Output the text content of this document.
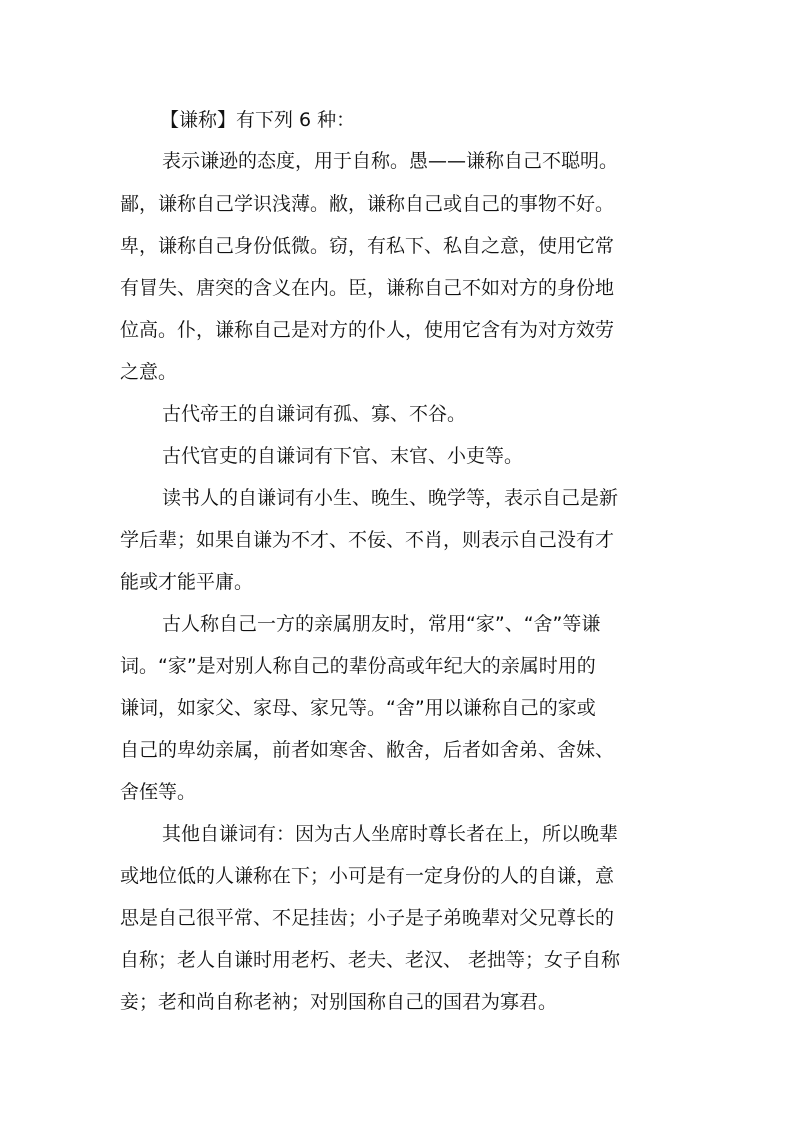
【谦称】有下列 6 种：

表示谦逊的态度，用于自称。愚——谦称自己不聪明。

鄙，谦称自己学识浅薄。敝，谦称自己或自己的事物不好。

卑，谦称自己身份低微。窃，有私下、私自之意，使用它常

有冒失、唐突的含义在内。臣，谦称自己不如对方的身份地

位高。仆，谦称自己是对方的仆人，使用它含有为对方效劳

之意。

古代帝王的自谦词有孤、寡、不谷。

古代官吏的自谦词有下官、末官、小吏等。

读书人的自谦词有小生、晚生、晚学等，表示自己是新

学后辈；如果自谦为不才、不佞、不肖，则表示自己没有才

能或才能平庸。

古人称自己一方的亲属朋友时，常用“家”、“舍”等谦

词。“家”是对别人称自己的辈份高或年纪大的亲属时用的

谦词，如家父、家母、家兄等。“舍”用以谦称自己的家或

自己的卑幼亲属，前者如寒舍、敝舍，后者如舍弟、舍妹、

舍侄等。

其他自谦词有：因为古人坐席时尊长者在上，所以晚辈

或地位低的人谦称在下；小可是有一定身份的人的自谦，意

思是自己很平常、不足挂齿；小子是子弟晚辈对父兄尊长的

自称；老人自谦时用老朽、老夫、老汉、 老拙等；女子自称

妾；老和尚自称老衲；对别国称自己的国君为寡君。
